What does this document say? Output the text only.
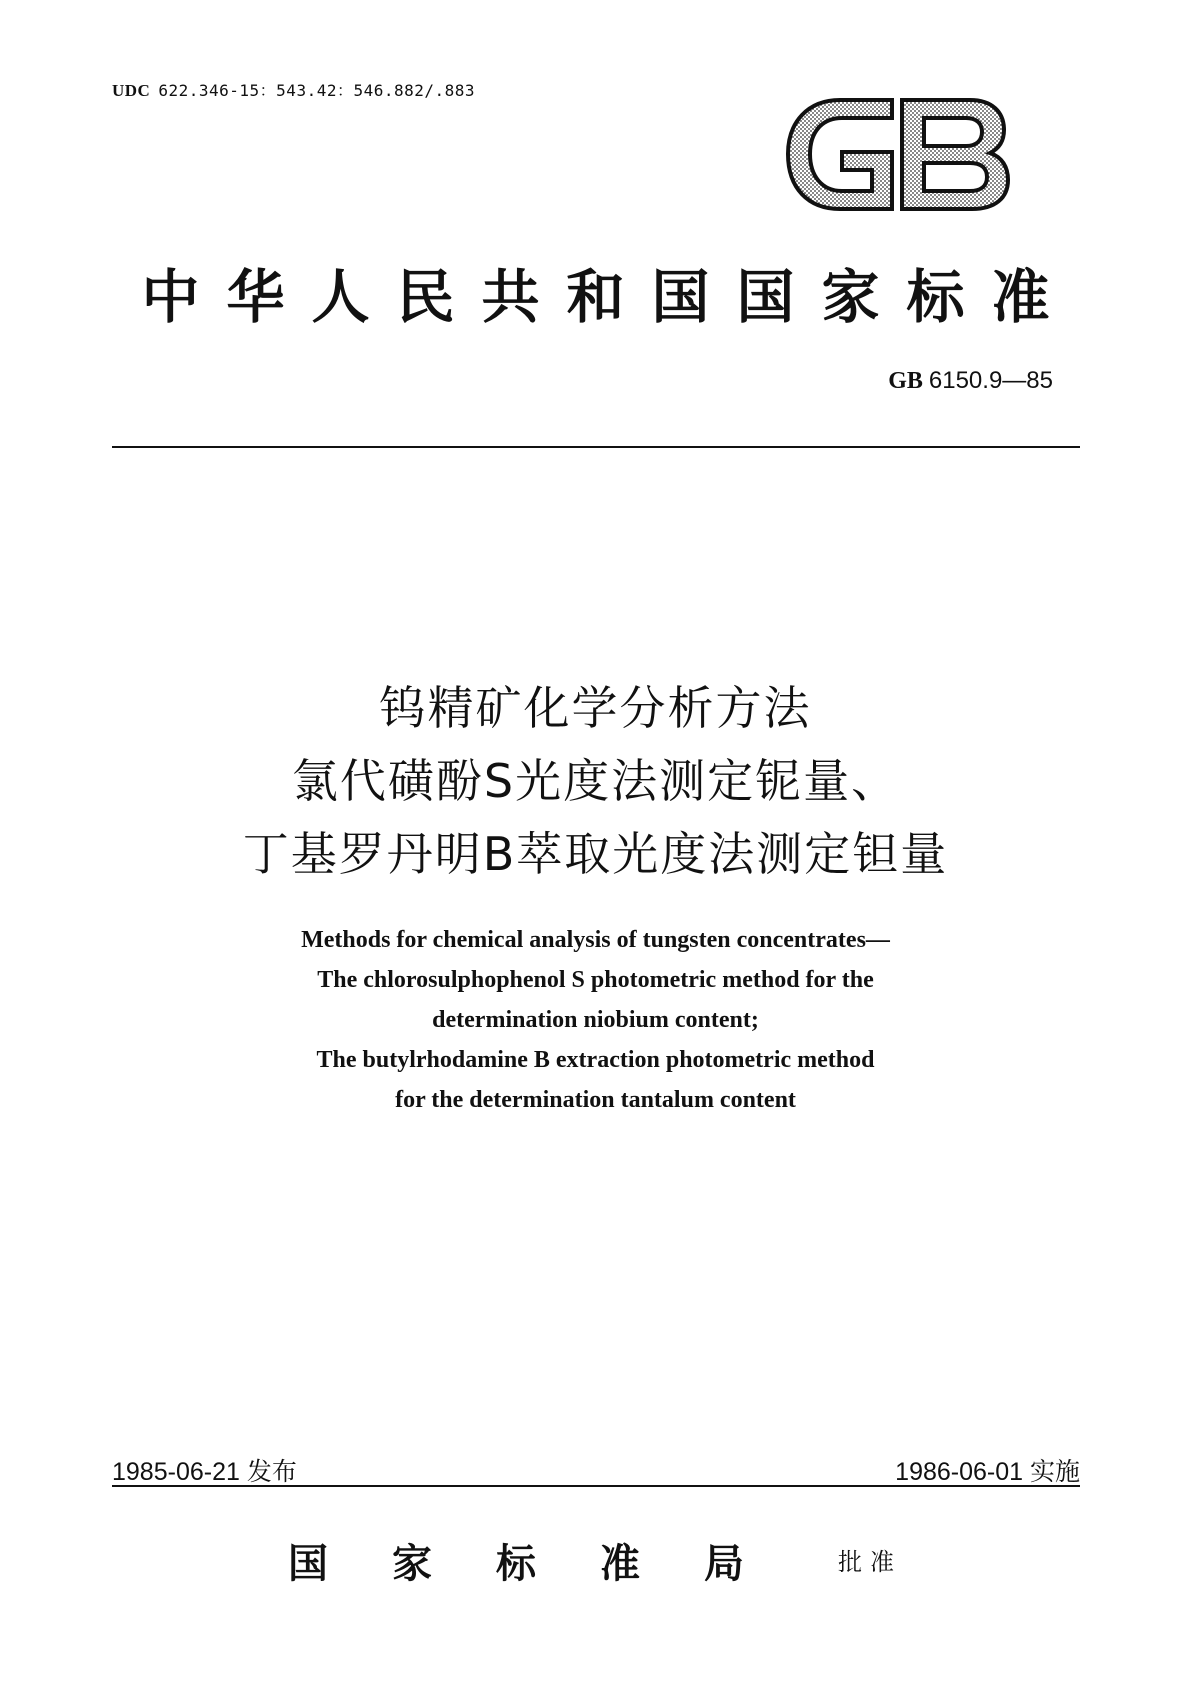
UDC 622.346-15：543.42：546.882/.883	GB
中华人民共和国国家标准
GB 6150.9—85
钨精矿化学分析方法
氯代磺酚S光度法测定铌量、
丁基罗丹明B萃取光度法测定钽量
Methods for chemical analysis of tungsten concentrates—
The chlorosulphophenol S photometric method for the
determination niobium content;
The butylrhodamine B extraction photometric method
for the determination tantalum content
1985-06-21 发布	1986-06-01 实施
国家标准局 批准
